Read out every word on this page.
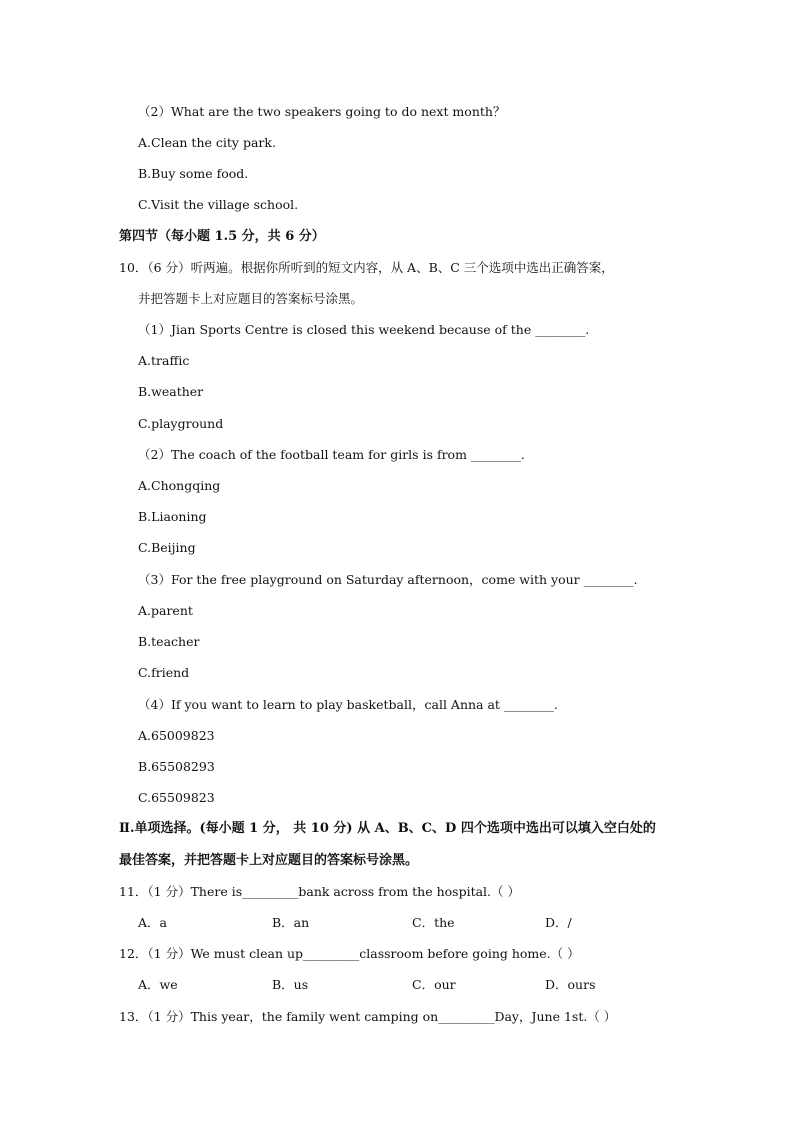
（2）What are the two speakers going to do next month？
A.Clean the city park.
B.Buy some food.
C.Visit the village school.
第四节（每小题 1.5 分，共 6 分）
10．（6 分）听两遍。根据你所听到的短文内容，从 A、B、C 三个选项中选出正确答案，
并把答题卡上对应题目的答案标号涂黑。
（1）Jian Sports Centre is closed this weekend because of the ________.
A.traffic
B.weather
C.playground
（2）The coach of the football team for girls is from ________.
A.Chongqing
B.Liaoning
C.Beijing
（3）For the free playground on Saturday afternoon，come with your ________.
A.parent
B.teacher
C.friend
（4）If you want to learn to play basketball，call Anna at ________.
A.65009823
B.65508293
C.65509823
Ⅱ.单项选择。(每小题 1 分， 共 10 分) 从 A、B、C、D 四个选项中选出可以填入空白处的
最佳答案，并把答题卡上对应题目的答案标号涂黑。
11．（1 分）There is_________bank across from the hospital.（ ）
A．a	B．an	C．the	D．/
12．（1 分）We must clean up_________classroom before going home.（ ）
A．we	B．us	C．our	D．ours
13．（1 分）This year，the family went camping on_________Day，June 1st.（ ）
